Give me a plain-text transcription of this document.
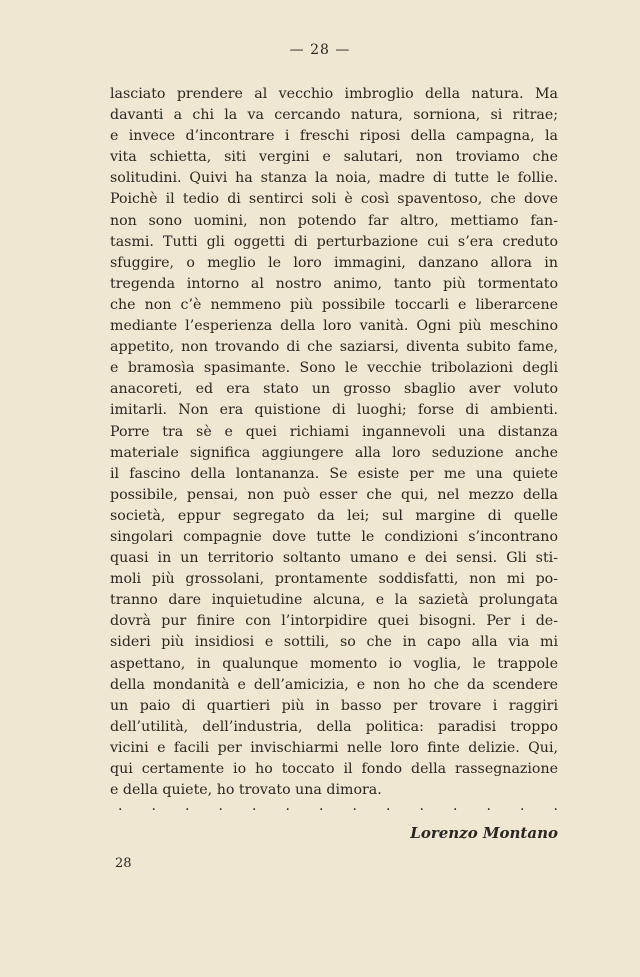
— 28 —
lasciato prendere al vecchio imbroglio della natura. Ma
davanti a chi la va cercando natura, sorniona, si ritrae;
e invece d’incontrare i freschi riposi della campagna, la
vita schietta, siti vergini e salutari, non troviamo che
solitudini. Quivi ha stanza la noia, madre di tutte le follie.
Poichè il tedio di sentirci soli è così spaventoso, che dove
non sono uomini, non potendo far altro, mettiamo fan-
tasmi. Tutti gli oggetti di perturbazione cui s’era creduto
sfuggire, o meglio le loro immagini, danzano allora in
tregenda intorno al nostro animo, tanto più tormentato
che non c’è nemmeno più possibile toccarli e liberarcene
mediante l’esperienza della loro vanità. Ogni più meschino
appetito, non trovando di che saziarsi, diventa subito fame,
e bramosìa spasimante. Sono le vecchie tribolazioni degli
anacoreti, ed era stato un grosso sbaglio aver voluto
imitarli. Non era quistione di luoghi; forse di ambienti.
Porre tra sè e quei richiami ingannevoli una distanza
materiale significa aggiungere alla loro seduzione anche
il fascino della lontananza. Se esiste per me una quiete
possibile, pensai, non può esser che qui, nel mezzo della
società, eppur segregato da lei; sul margine di quelle
singolari compagnie dove tutte le condizioni s’incontrano
quasi in un territorio soltanto umano e dei sensi. Gli sti-
moli più grossolani, prontamente soddisfatti, non mi po-
tranno dare inquietudine alcuna, e la sazietà prolungata
dovrà pur finire con l’intorpidire quei bisogni. Per i de-
sideri più insidiosi e sottili, so che in capo alla via mi
aspettano, in qualunque momento io voglia, le trappole
della mondanità e dell’amicizia, e non ho che da scendere
un paio di quartieri più in basso per trovare i raggiri
dell’utilità, dell’industria, della politica: paradisi troppo
vicini e facili per invischiarmi nelle loro finte delizie. Qui,
qui certamente io ho toccato il fondo della rassegnazione
e della quiete, ho trovato una dimora.
. . . . . . . . . . . . . .
Lorenzo Montano
28
